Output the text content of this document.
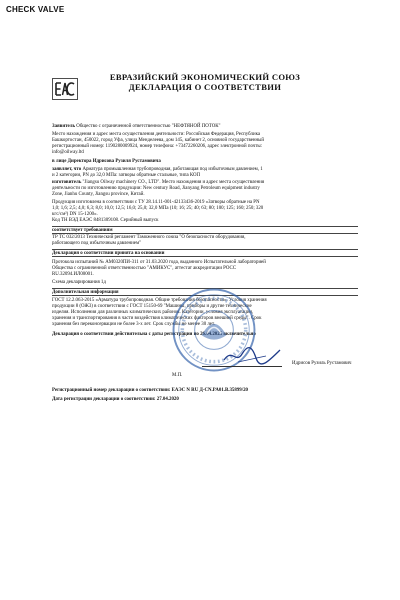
CHECK VALVE
ЕВРАЗИЙСКИЙ ЭКОНОМИЧЕСКИЙ СОЮЗ
ДЕКЛАРАЦИЯ О СООТВЕТСТВИИ
Заявитель Общество с ограниченной ответственностью "НЕФТЯНОЙ ПОТОК"
Место нахождения и адрес места осуществления деятельности: Российская Федерация, Республика
Башкортостан, 450022, город Уфа, улица Менделеева, дом 145, кабинет 2, основной государственный
регистрационный номер: 1190280009924, номер телефона: +73472260206, адрес электронной почты:
info@oilway.ltd
в лице Директора Идрисова Рузиля Рустамовича
заявляет, что Арматура промышленная трубопроводная, работающая под избыточным давлением, 1
и 2 категории, PN до 32,0 MПа: затворы обратные стальные, типа КОП
изготовитель "Jiangsu Oilway machinery CO., LTD". Место нахождения и адрес места осуществления
деятельности по изготовлению продукции: New century Road, Jianyang Petroleum equipment industry
Zone, Jianhu County, Jiangsu province, Китай.
Продукция изготовлена в соответствии с ТУ 28.14.11-001-42133436-2019 «Затворы обратные на PN
1,0; 1,6; 2,5; 4,0; 6,3; 8,0; 10,0; 12,5; 16,0; 25,0; 32,0 MПа (10; 16; 25; 40; 63; 80; 100; 125; 160; 250; 320
кгс/см²) DN 15-1200».
Код ТН ВЭД ЕАЭС 8481309108. Серийный выпуск
соответствует требованиям
ТР ТС 032/2013 Технический регламент Таможенного союза "О безопасности оборудования,
работающего под избыточным давлением"
Декларация о соответствии принята на основании
Протокола испытаний № АМ0320ПИ-311 от 31.03.2020 года, выданного Испытательной лабораторией
Общества с ограниченной ответственностью "АМИКУС", аттестат аккредитации РОСС
RU.32094.ИЛ00001.
Схема декларирования 1д
Дополнительная информация
ГОСТ 12.2.063-2015 «Арматура трубопроводная. Общие требования безопасности». Условия хранения
продукции 8 (ОЖ3) в соответствии с ГОСТ 15150-69 "Машины, приборы и другие технические
изделия. Исполнения для различных климатических районов. Категории, условия эксплуатации,
хранения и транспортирования в части воздействия климатических факторов внешней среды". Срок
хранения без переконсервации не более 3-х лет. Срок службы не менее 30 лет.
Декларация о соответствии действительна с даты регистрации по 26.04.2025 включительно
Идрисов Рузиль Рустамович
М.П.
Регистрационный номер декларации о соответствии: ЕАЭС N RU Д-CN.PA01.B.35899/20
Дата регистрации декларации о соответствии: 27.04.2020
